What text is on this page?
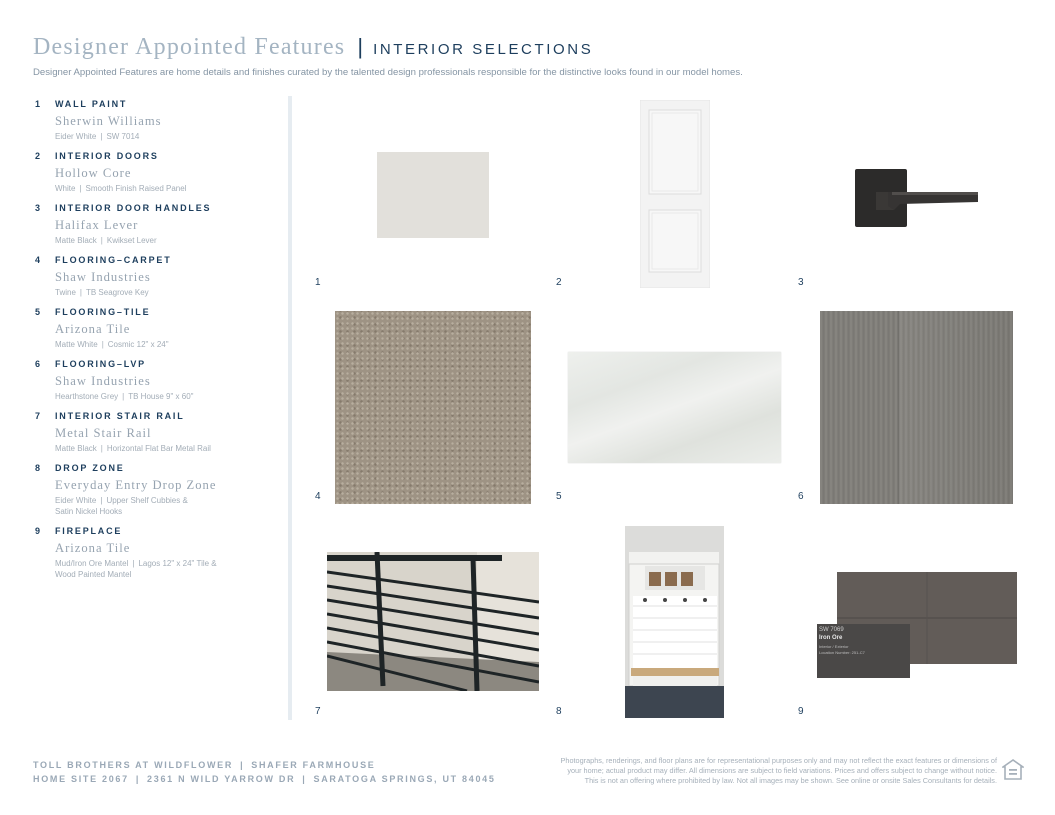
Designer Appointed Features | INTERIOR SELECTIONS
Designer Appointed Features are home details and finishes curated by the talented design professionals responsible for the distinctive looks found in our model homes.
1	WALL PAINT
Sherwin Williams
Eider White | SW 7014
2	INTERIOR DOORS
Hollow Core
White | Smooth Finish Raised Panel
3	INTERIOR DOOR HANDLES
Halifax Lever
Matte Black | Kwikset Lever
4	FLOORING–CARPET
Shaw Industries
Twine | TB Seagrove Key
5	FLOORING–TILE
Arizona Tile
Matte White | Cosmic 12" x 24"
6	FLOORING–LVP
Shaw Industries
Hearthstone Grey | TB House 9" x 60"
7	INTERIOR STAIR RAIL
Metal Stair Rail
Matte Black | Horizontal Flat Bar Metal Rail
8	DROP ZONE
Everyday Entry Drop Zone
Eider White | Upper Shelf Cubbies &
Satin Nickel Hooks
9	FIREPLACE
Arizona Tile
Mud/Iron Ore Mantel | Lagos 12" x 24" Tile &
Wood Painted Mantel
SW 7069
Iron Ore
Interior / Exterior
Location Number: 251-C7
1	2	3
4	5	6
7	8	9
TOLL BROTHERS AT WILDFLOWER | SHAFER FARMHOUSE
HOME SITE 2067 | 2361 N WILD YARROW DR | SARATOGA SPRINGS, UT 84045
Photographs, renderings, and floor plans are for representational purposes only and may not reflect the exact features or dimensions of
your home; actual product may differ. All dimensions are subject to field variations. Prices and offers subject to change without notice.
This is not an offering where prohibited by law. Not all images may be shown. See online or onsite Sales Consultants for details.
